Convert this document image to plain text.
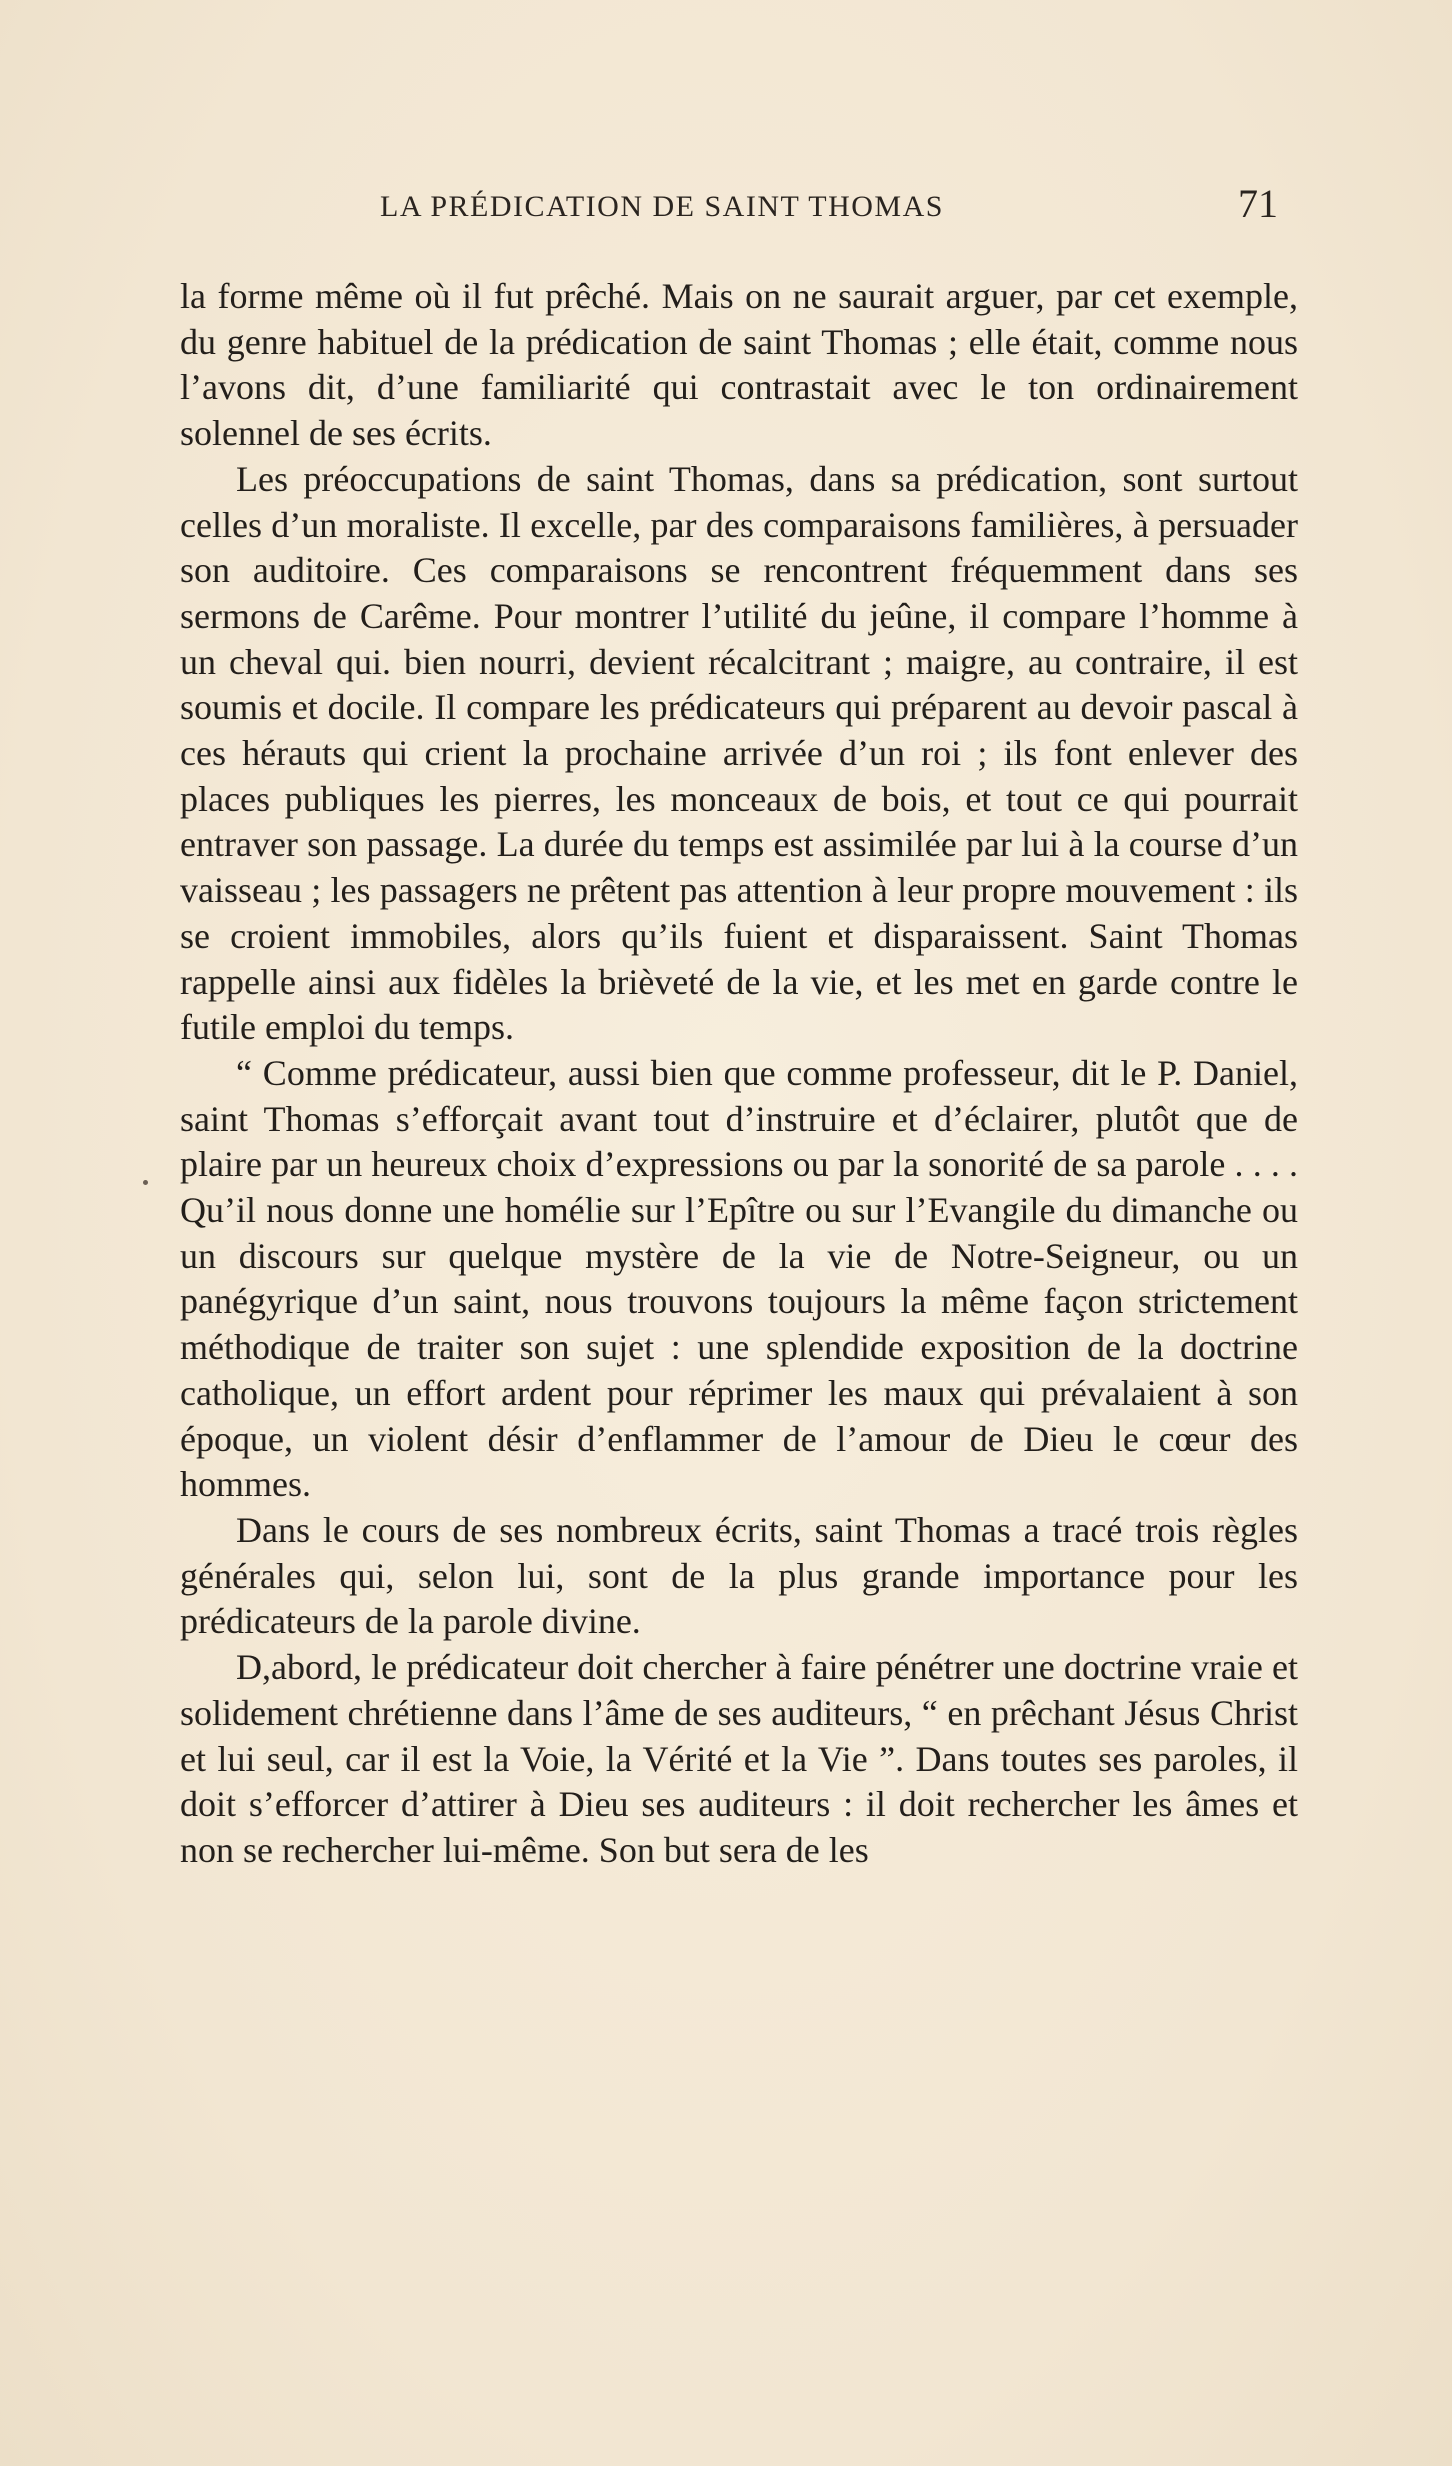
LA PRÉDICATION DE SAINT THOMAS	71

la forme même où il fut prêché. Mais on ne saurait arguer, par cet exemple, du genre habituel de la prédication de saint Thomas ; elle était, comme nous l’avons dit, d’une familiarité qui contrastait avec le ton ordinairement solennel de ses écrits.

Les préoccupations de saint Thomas, dans sa prédication, sont surtout celles d’un moraliste. Il excelle, par des comparaisons familières, à persuader son auditoire. Ces comparaisons se rencontrent fréquemment dans ses sermons de Carême. Pour montrer l’utilité du jeûne, il compare l’homme à un cheval qui. bien nourri, devient récalcitrant ; maigre, au contraire, il est soumis et docile. Il compare les prédicateurs qui préparent au devoir pascal à ces hérauts qui crient la prochaine arrivée d’un roi ; ils font enlever des places publiques les pierres, les monceaux de bois, et tout ce qui pourrait entraver son passage. La durée du temps est assimilée par lui à la course d’un vaisseau ; les passagers ne prêtent pas attention à leur propre mouvement : ils se croient immobiles, alors qu’ils fuient et disparaissent. Saint Thomas rappelle ainsi aux fidèles la brièveté de la vie, et les met en garde contre le futile emploi du temps.

“ Comme prédicateur, aussi bien que comme professeur, dit le P. Daniel, saint Thomas s’efforçait avant tout d’instruire et d’éclairer, plutôt que de plaire par un heureux choix d’expressions ou par la sonorité de sa parole . . . . Qu’il nous donne une homélie sur l’Epître ou sur l’Evangile du dimanche ou un discours sur quelque mystère de la vie de Notre-Seigneur, ou un panégyrique d’un saint, nous trouvons toujours la même façon strictement méthodique de traiter son sujet : une splendide exposition de la doctrine catholique, un effort ardent pour réprimer les maux qui prévalaient à son époque, un violent désir d’enflammer de l’amour de Dieu le cœur des hommes.

Dans le cours de ses nombreux écrits, saint Thomas a tracé trois règles générales qui, selon lui, sont de la plus grande importance pour les prédicateurs de la parole divine.

D,abord, le prédicateur doit chercher à faire pénétrer une doctrine vraie et solidement chrétienne dans l’âme de ses auditeurs, “ en prêchant Jésus Christ et lui seul, car il est la Voie, la Vérité et la Vie ”. Dans toutes ses paroles, il doit s’efforcer d’attirer à Dieu ses auditeurs : il doit rechercher les âmes et non se rechercher lui-même. Son but sera de les
